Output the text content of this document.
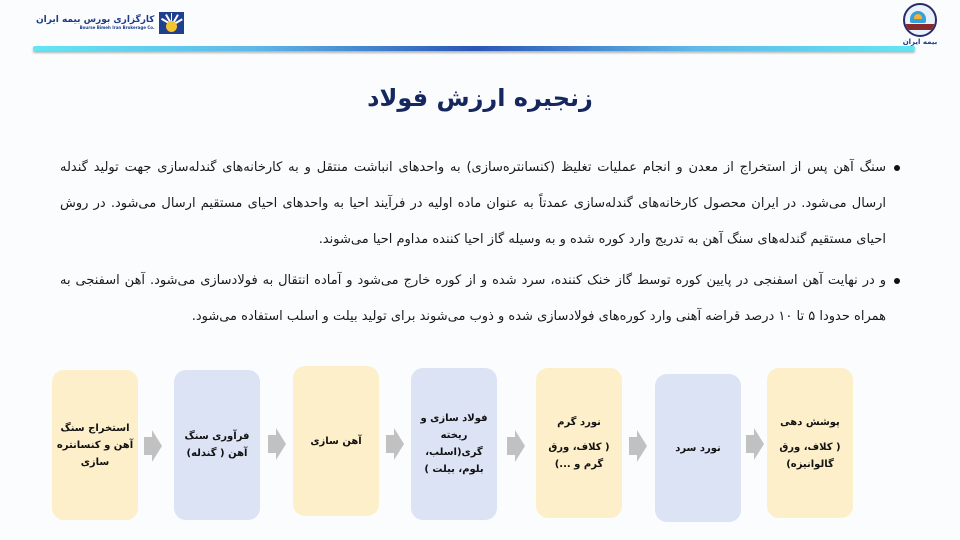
کارگزاری بورس بیمه ایران
Bourse Bimeh Iran Brokerage Co.
بیمه ایران
زنجیره ارزش فولاد
سنگ آهن پس از استخراج از معدن و انجام عملیات تغلیظ (کنسانتره‌سازی) به واحدهای انباشت منتقل و به کارخانه‌های گندله‌سازی جهت تولید گندله ارسال می‌شود. در ایران محصول کارخانه‌های گندله‌سازی عمدتاً به عنوان ماده اولیه در فرآیند احیا به واحدهای احیای مستقیم ارسال می‌شود. در روش احیای مستقیم گندله‌های سنگ آهن به تدریج وارد کوره شده و به وسیله گاز احیا کننده مداوم احیا می‌شوند.
و در نهایت آهن اسفنجی در پایین کوره توسط گاز خنک کننده، سرد شده و از کوره خارج می‌شود و آماده انتقال به فولادسازی می‌شود. آهن اسفنجی به همراه حدودا ۵ تا ۱۰ درصد قراضه آهنی وارد کوره‌های فولادسازی شده و ذوب می‌شوند برای تولید بیلت و اسلب استفاده می‌شود.
استخراج سنگ آهن و کنسانتره سازی
فرآوری سنگ آهن ( گندله)
آهن سازی
فولاد سازی و ریخته گری(اسلب، بلوم، بیلت )
نورد گرم
( کلاف، ورق گرم و ...)
نورد سرد
پوشش دهی
( کلاف، ورق گالوانیزه)
